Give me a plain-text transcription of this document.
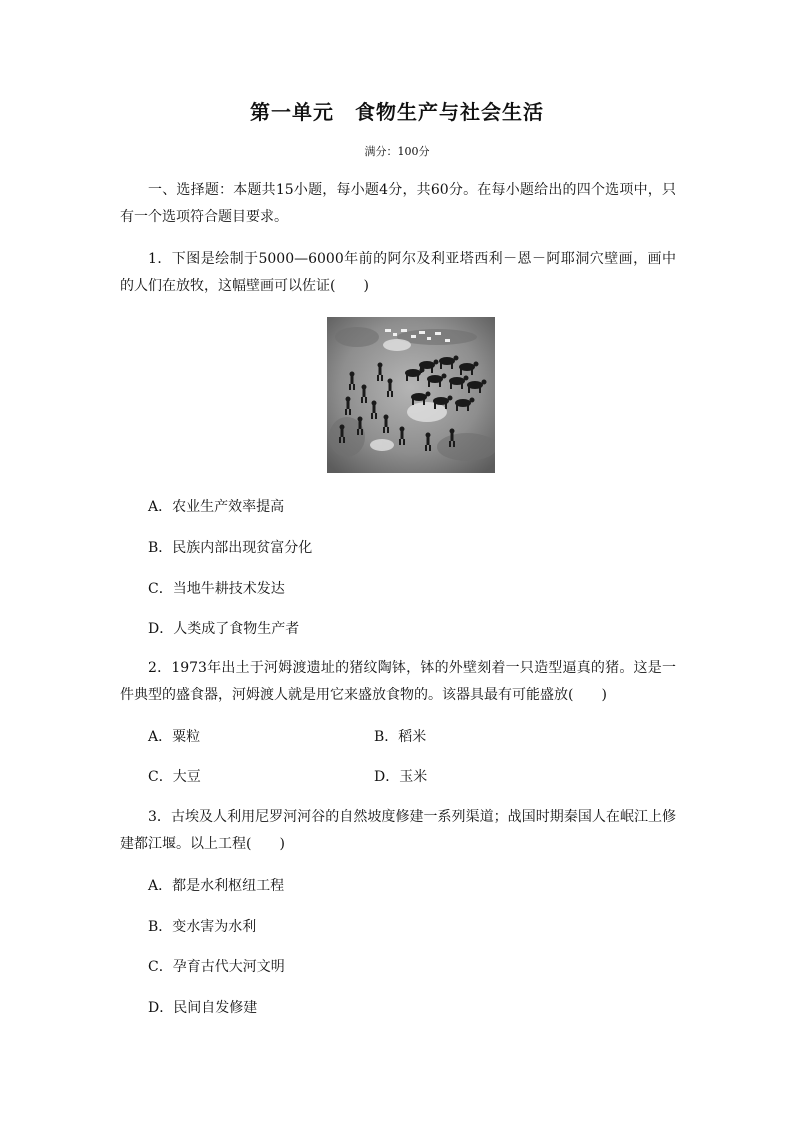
第一单元　食物生产与社会生活
满分：100分
一、选择题：本题共15小题，每小题4分，共60分。在每小题给出的四个选项中，只有一个选项符合题目要求。
1．下图是绘制于5000—6000年前的阿尔及利亚塔西利－恩－阿耶洞穴壁画，画中的人们在放牧，这幅壁画可以佐证(　　)
A．农业生产效率提高
B．民族内部出现贫富分化
C．当地牛耕技术发达
D．人类成了食物生产者
2．1973年出土于河姆渡遗址的猪纹陶钵，钵的外壁刻着一只造型逼真的猪。这是一件典型的盛食器，河姆渡人就是用它来盛放食物的。该器具最有可能盛放(　　)
A．粟粒	B．稻米
C．大豆	D．玉米
3．古埃及人利用尼罗河河谷的自然坡度修建一系列渠道；战国时期秦国人在岷江上修建都江堰。以上工程(　　)
A．都是水利枢纽工程
B．变水害为水利
C．孕育古代大河文明
D．民间自发修建
